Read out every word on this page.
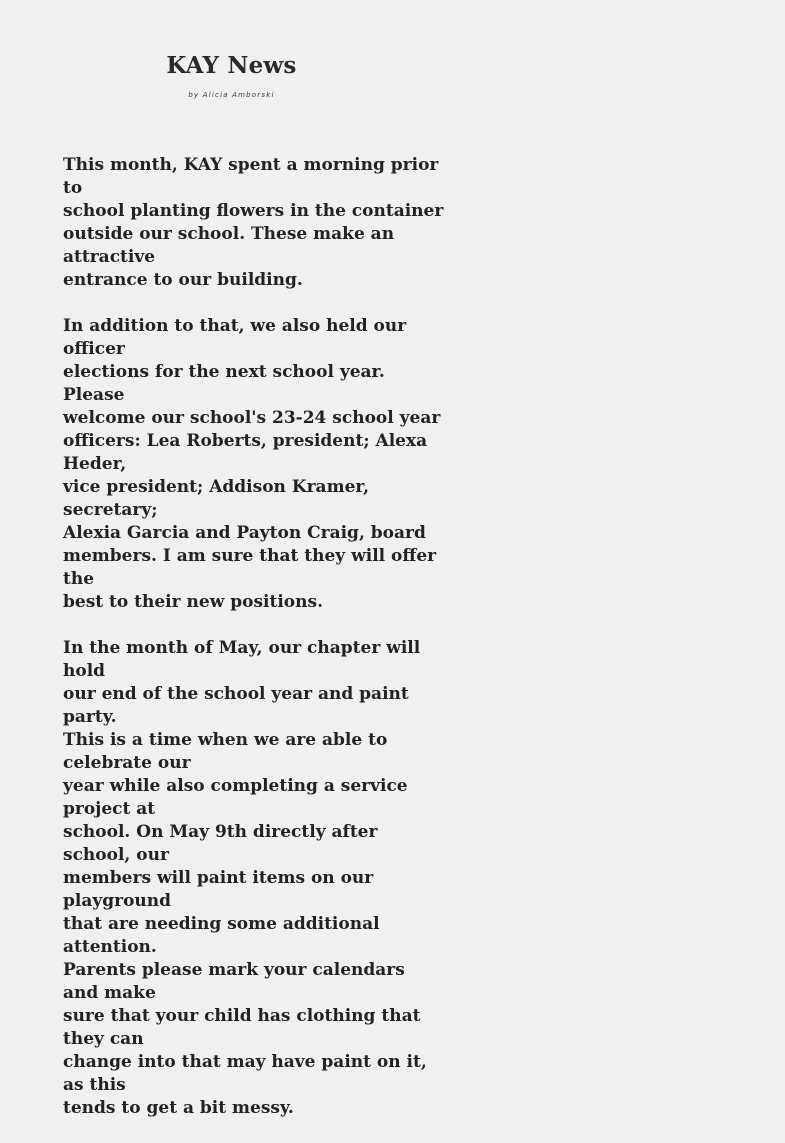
KAY News
by Alicia Amborski

This month, KAY spent a morning prior to
school planting flowers in the container
outside our school. These make an attractive
entrance to our building.

In addition to that, we also held our officer
elections for the next school year. Please
welcome our school's 23-24 school year
officers: Lea Roberts, president; Alexa Heder,
vice president; Addison Kramer, secretary;
Alexia Garcia and Payton Craig, board
members. I am sure that they will offer the
best to their new positions.

In the month of May, our chapter will hold
our end of the school year and paint party.
This is a time when we are able to celebrate our
year while also completing a service project at
school. On May 9th directly after school, our
members will paint items on our playground
that are needing some additional attention.
Parents please mark your calendars and make
sure that your child has clothing that they can
change into that may have paint on it, as this
tends to get a bit messy.
